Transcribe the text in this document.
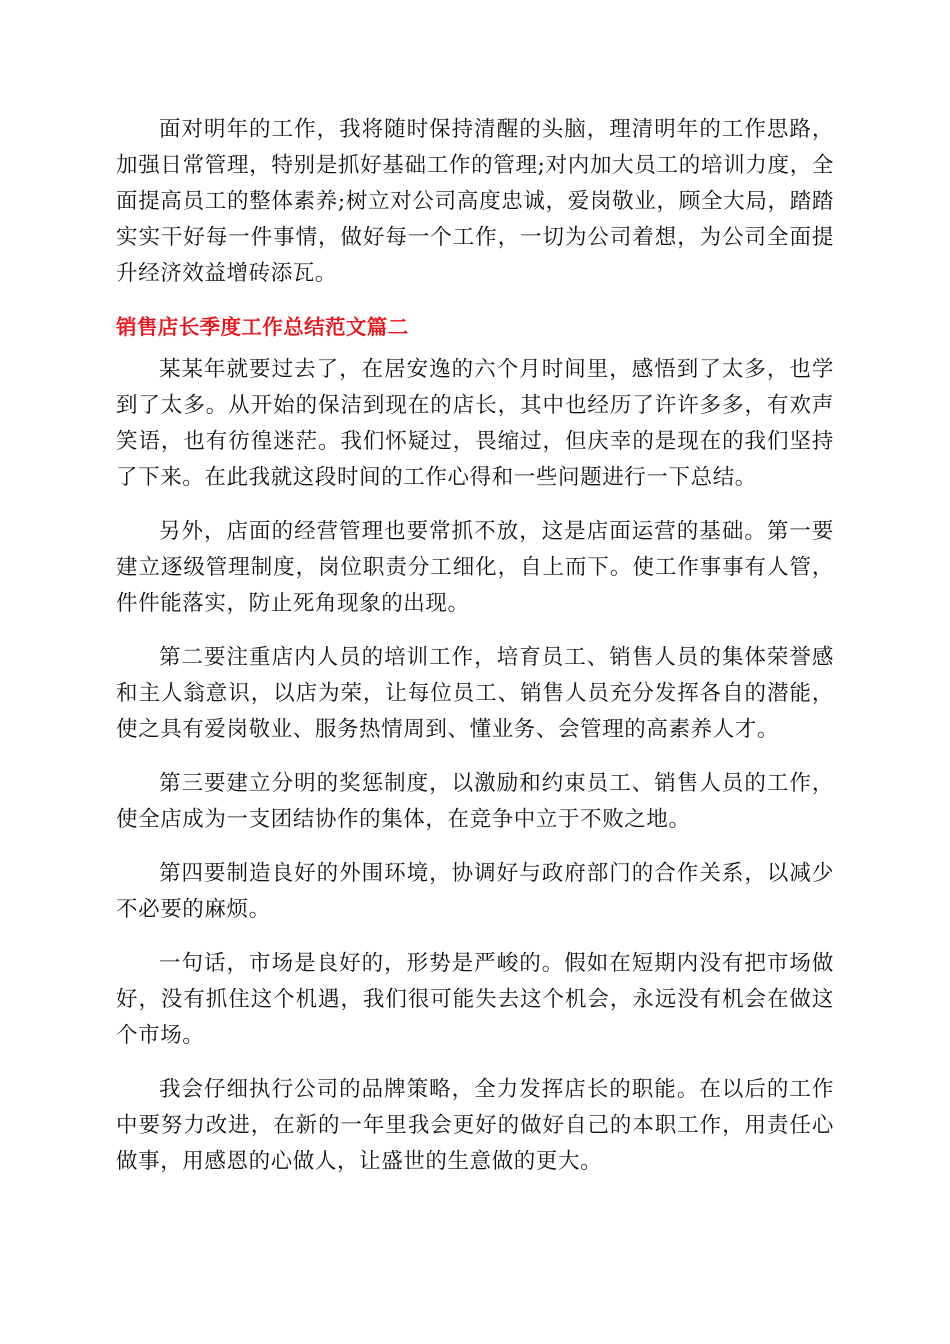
面对明年的工作，我将随时保持清醒的头脑，理清明年的工作思路，加强日常管理，特别是抓好基础工作的管理;对内加大员工的培训力度，全面提高员工的整体素养;树立对公司高度忠诚，爱岗敬业，顾全大局，踏踏实实干好每一件事情，做好每一个工作，一切为公司着想，为公司全面提升经济效益增砖添瓦。

销售店长季度工作总结范文篇二

某某年就要过去了，在居安逸的六个月时间里，感悟到了太多，也学到了太多。从开始的保洁到现在的店长，其中也经历了许许多多，有欢声笑语，也有彷徨迷茫。我们怀疑过，畏缩过，但庆幸的是现在的我们坚持了下来。在此我就这段时间的工作心得和一些问题进行一下总结。

另外，店面的经营管理也要常抓不放，这是店面运营的基础。第一要建立逐级管理制度，岗位职责分工细化，自上而下。使工作事事有人管，件件能落实，防止死角现象的出现。

第二要注重店内人员的培训工作，培育员工、销售人员的集体荣誉感和主人翁意识，以店为荣，让每位员工、销售人员充分发挥各自的潜能，使之具有爱岗敬业、服务热情周到、懂业务、会管理的高素养人才。

第三要建立分明的奖惩制度，以激励和约束员工、销售人员的工作，使全店成为一支团结协作的集体，在竞争中立于不败之地。

第四要制造良好的外围环境，协调好与政府部门的合作关系，以减少不必要的麻烦。

一句话，市场是良好的，形势是严峻的。假如在短期内没有把市场做好，没有抓住这个机遇，我们很可能失去这个机会，永远没有机会在做这个市场。

我会仔细执行公司的品牌策略，全力发挥店长的职能。在以后的工作中要努力改进，在新的一年里我会更好的做好自己的本职工作，用责任心做事，用感恩的心做人，让盛世的生意做的更大。
